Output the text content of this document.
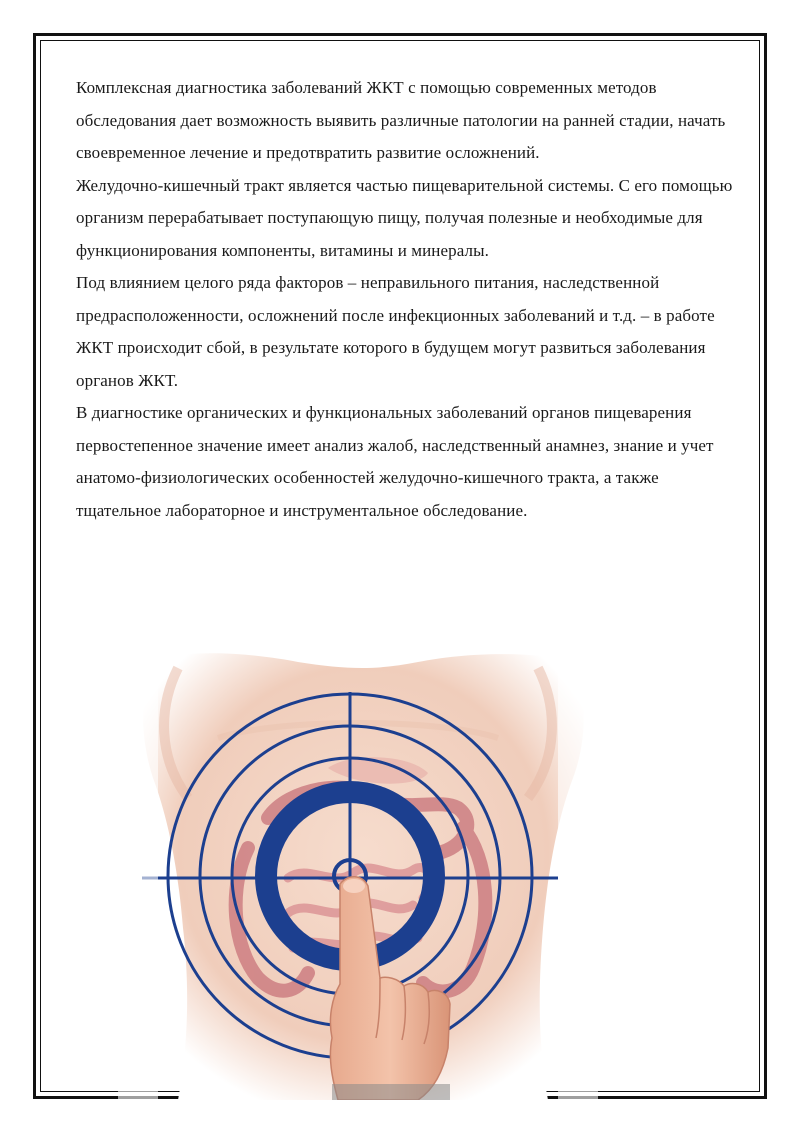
Комплексная диагностика заболеваний ЖКТ с помощью современных методов обследования дает возможность выявить различные патологии на ранней стадии, начать своевременное лечение и предотвратить развитие осложнений.

Желудочно-кишечный тракт является частью пищеварительной системы. С его помощью организм перерабатывает поступающую пищу, получая полезные и необходимые для функционирования компоненты, витамины и минералы.

Под влиянием целого ряда факторов – неправильного питания, наследственной предрасположенности, осложнений после инфекционных заболеваний и т.д. – в работе ЖКТ происходит сбой, в результате которого в будущем могут развиться заболевания органов ЖКТ.

В диагностике органических и функциональных заболеваний органов пищеварения первостепенное значение имеет анализ жалоб, наследственный анамнез, знание и учет анатомо-физиологических особенностей желудочно-кишечного тракта, а также тщательное лабораторное и инструментальное обследование.
